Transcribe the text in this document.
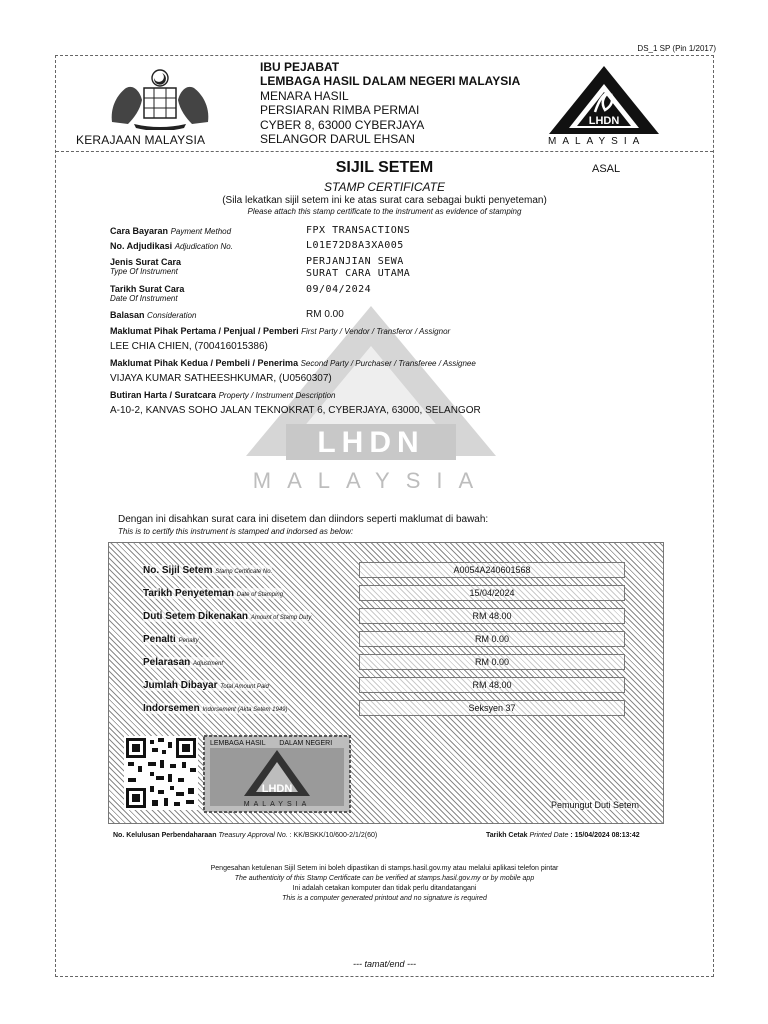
DS_1 SP (Pin 1/2017)
KERAJAAN MALAYSIA
IBU PEJABAT
LEMBAGA HASIL DALAM NEGERI MALAYSIA
MENARA HASIL
PERSIARAN RIMBA PERMAI
CYBER 8, 63000 CYBERJAYA
SELANGOR DARUL EHSAN
LHDN
MALAYSIA
SIJIL SETEM
STAMP CERTIFICATE
(Sila lekatkan sijil setem ini ke atas surat cara sebagai bukti penyeteman)
Please attach this stamp certificate to the instrument as evidence of stamping
ASAL
LHDN
MALAYSIA
Cara Bayaran Payment Method	FPX TRANSACTIONS
No. Adjudikasi Adjudication No.	L01E72D8A3XA005
Jenis Surat Cara
Type Of Instrument
PERJANJIAN SEWA
SURAT CARA UTAMA
Tarikh Surat Cara
Date Of Instrument
09/04/2024
Balasan Consideration	RM 0.00
Maklumat Pihak Pertama / Penjual / Pemberi First Party / Vendor / Transferor / Assignor
LEE CHIA CHIEN, (700416015386)
Maklumat Pihak Kedua / Pembeli / Penerima Second Party / Purchaser / Transferee / Assignee
VIJAYA KUMAR SATHEESHKUMAR, (U0560307)
Butiran Harta / Suratcara Property / Instrument Description
A-10-2, KANVAS SOHO JALAN TEKNOKRAT 6, CYBERJAYA, 63000, SELANGOR
Dengan ini disahkan surat cara ini disetem dan diindors seperti maklumat di bawah:
This is to certify this instrument is stamped and indorsed as below:
No. Sijil Setem Stamp Certificate No.	A0054A240601568
Tarikh Penyeteman Date of Stamping	15/04/2024
Duti Setem Dikenakan Amount of Stamp Duty	RM 48.00
Penalti Penalty	RM 0.00
Pelarasan Adjustment	RM 0.00
Jumlah Dibayar Total Amount Paid	RM 48.00
Indorsemen Indorsement (Akta Setem 1949)	Seksyen 37
LHDN
MALAYSIA
LEMBAGA HASIL DALAM NEGERI
Pemungut Duti Setem
No. Kelulusan Perbendaharaan Treasury Approval No. : KK/BSKK/10/600-2/1/2(60)	Tarikh Cetak Printed Date : 15/04/2024 08:13:42
Pengesahan ketulenan Sijil Setem ini boleh dipastikan di stamps.hasil.gov.my atau melalui aplikasi telefon pintar
The authenticity of this Stamp Certificate can be verified at stamps.hasil.gov.my or by mobile app
Ini adalah cetakan komputer dan tidak perlu ditandatangani
This is a computer generated printout and no signature is required
--- tamat/end ---
